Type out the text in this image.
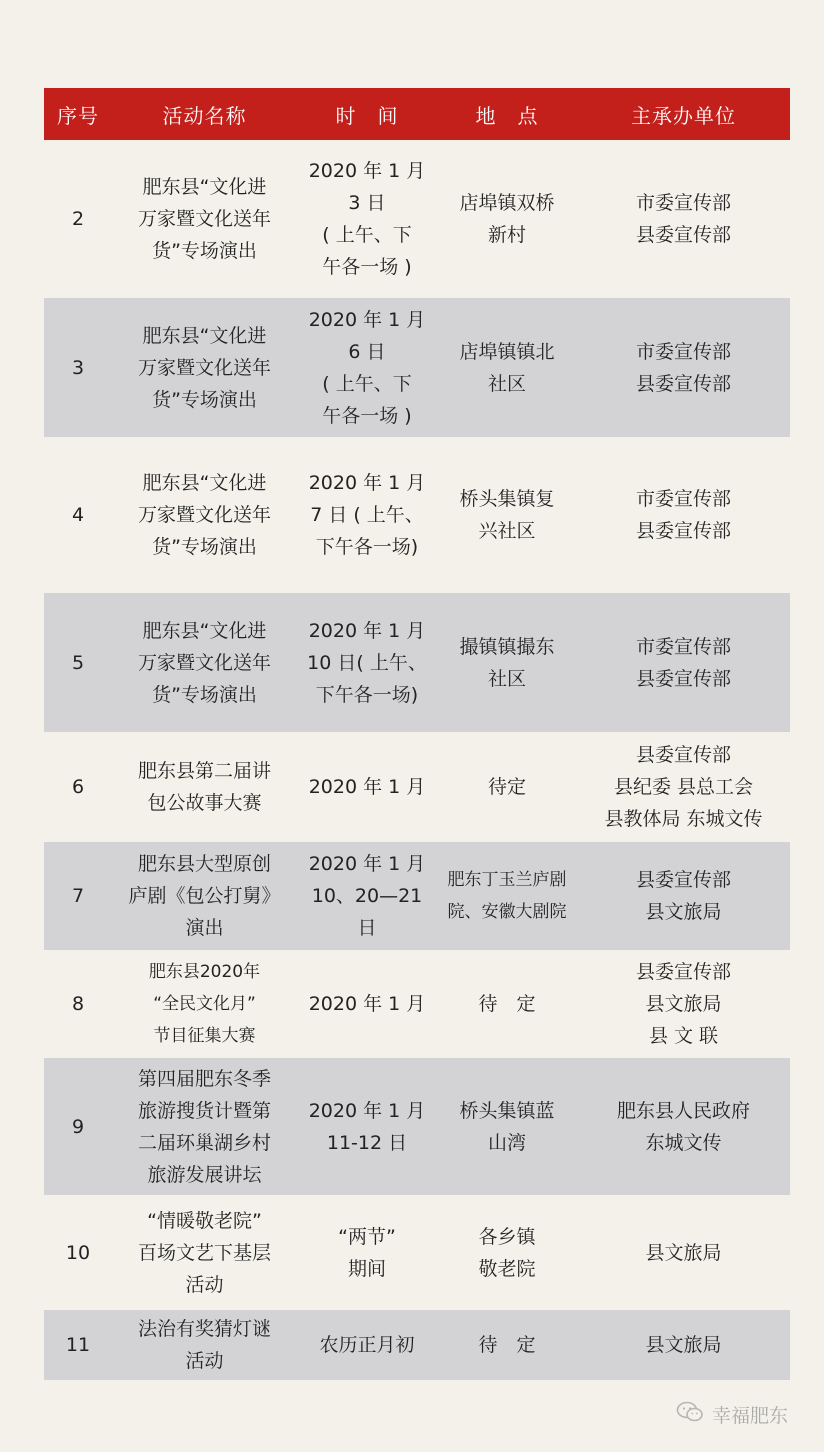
序号	活动名称	时　间	地　点	主承办单位
2	肥东县“文化进
万家暨文化送年
货”专场演出	2020 年 1 月
3 日
( 上午、下
午各一场 )	店埠镇双桥
新村	市委宣传部
县委宣传部
3	肥东县“文化进
万家暨文化送年
货”专场演出	2020 年 1 月
6 日
( 上午、下
午各一场 )	店埠镇镇北
社区	市委宣传部
县委宣传部
4	肥东县“文化进
万家暨文化送年
货”专场演出	2020 年 1 月
7 日 ( 上午、
下午各一场)	桥头集镇复
兴社区	市委宣传部
县委宣传部
5	肥东县“文化进
万家暨文化送年
货”专场演出	2020 年 1 月
10 日( 上午、
下午各一场)	撮镇镇撮东
社区	市委宣传部
县委宣传部
6	肥东县第二届讲
包公故事大赛	2020 年 1 月	待定	县委宣传部
县纪委 县总工会
县教体局 东城文传
7	肥东县大型原创
庐剧《包公打舅》
演出	2020 年 1 月
10、20—21 日	肥东丁玉兰庐剧
院、安徽大剧院	县委宣传部
县文旅局
8	肥东县2020年
“全民文化月”
节目征集大赛	2020 年 1 月	待　定	县委宣传部
县文旅局
县 文 联
9	第四届肥东冬季
旅游搜货计暨第
二届环巢湖乡村
旅游发展讲坛	2020 年 1 月
11-12 日	桥头集镇蓝
山湾	肥东县人民政府
东城文传
10	“情暖敬老院”
百场文艺下基层
活动	“两节”
期间	各乡镇
敬老院	县文旅局
11	法治有奖猜灯谜
活动	农历正月初	待　定	县文旅局
幸福肥东
